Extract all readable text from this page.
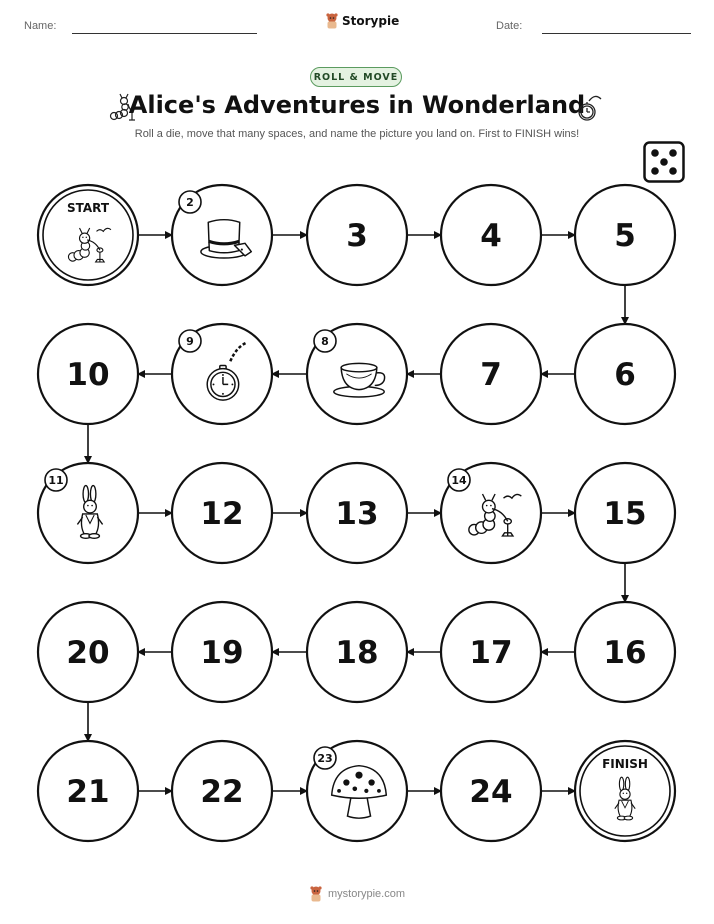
Name:	Storypie	Date:
ROLL & MOVE
Alice's Adventures in Wonderland
Roll a die, move that many spaces, and name the picture you land on. First to FINISH wins!
START	2
3	4	5
6
7
8
9
10
11
12	13
14
15
16
17
18
19
20
21	22
23
24
FINISH
mystorypie.com
